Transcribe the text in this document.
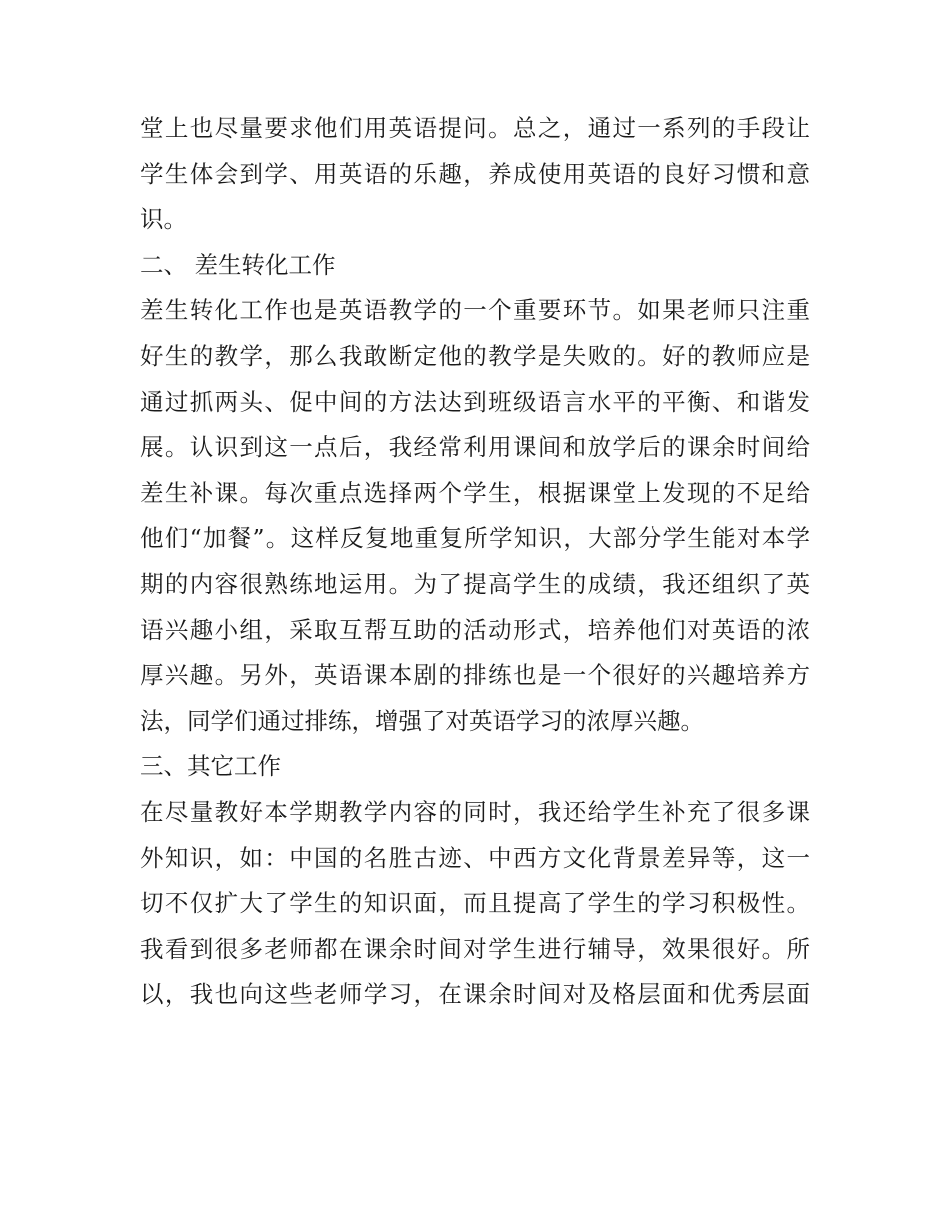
堂上也尽量要求他们用英语提问。总之，通过一系列的手段让
学生体会到学、用英语的乐趣，养成使用英语的良好习惯和意
识。
二、 差生转化工作
差生转化工作也是英语教学的一个重要环节。如果老师只注重
好生的教学，那么我敢断定他的教学是失败的。好的教师应是
通过抓两头、促中间的方法达到班级语言水平的平衡、和谐发
展。认识到这一点后，我经常利用课间和放学后的课余时间给
差生补课。每次重点选择两个学生，根据课堂上发现的不足给
他们“加餐”。这样反复地重复所学知识，大部分学生能对本学
期的内容很熟练地运用。为了提高学生的成绩，我还组织了英
语兴趣小组，采取互帮互助的活动形式，培养他们对英语的浓
厚兴趣。另外，英语课本剧的排练也是一个很好的兴趣培养方
法，同学们通过排练，增强了对英语学习的浓厚兴趣。
三、其它工作
在尽量教好本学期教学内容的同时，我还给学生补充了很多课
外知识，如：中国的名胜古迹、中西方文化背景差异等，这一
切不仅扩大了学生的知识面，而且提高了学生的学习积极性。
我看到很多老师都在课余时间对学生进行辅导，效果很好。所
以，我也向这些老师学习，在课余时间对及格层面和优秀层面
